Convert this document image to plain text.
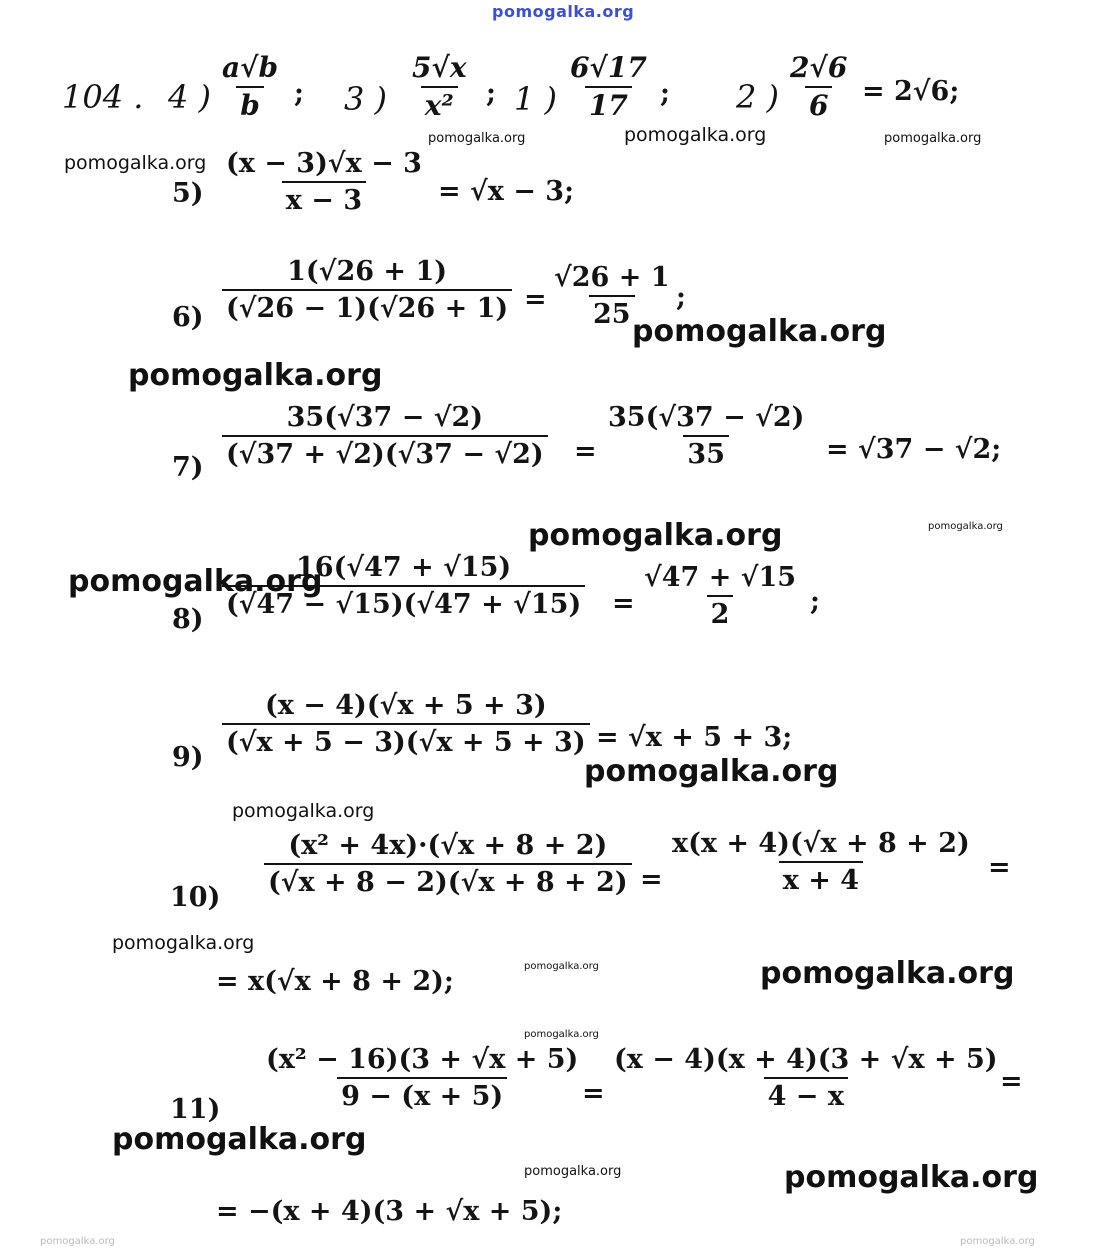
pomogalka.org
104 . 4 ) $\frac{a√b}{b}$ ; 3 ) $\frac{5√x}{\text{x²}}$ ; 1 ) $\frac{6√17}{17}$ ; 2 ) $\frac{2√6}{6} = 2√6$;
$5) \frac{(x - 3)√x - 3}{x - 3} = √x - 3$;
$6) \frac{1(√26 + 1)}{(√26 - 1)(√26 + 1)} = \frac{√26 + 1}{25}$ ;
$7) \frac{35(√37 - √2)}{(√37 + √2)(√37 - √2)} = \frac{35(√37 - √2)}{35} = √37 - √2$;
$8) \frac{16(√47 + √15)}{(√47 - √15)(√47 + √15)} = \frac{√47 + √15}{2}$ ;
$9) \frac{(x - 4)(√x + 5 + 3)}{(√x + 5 - 3)(√x + 5 + 3)} = √x + 5 + 3$;
$10) \frac{\text{(x² + 4x)·(√x + 8 + 2)}}{(√x + 8 - 2)(√x + 8 + 2)} = \frac{x(x + 4)(√x + 8 + 2)}{x + 4}$ =
= x(√x + 8 + 2);
$11) \frac{\text{(x² − 16)(3 + √x + 5)}}{9 - (x + 5)} = \frac{(x - 4)(x + 4)(3 + √x + 5)}{4 - x}$
=
= −(x + 4)(3 + √x + 5);
pomogalka.org	pomogalka.org	pomogalka.org
pomogalka.org
pomogalka.org
pomogalka.org
pomogalka.org	pomogalka.org
pomogalka.org
pomogalka.org
pomogalka.org
pomogalka.org
pomogalka.org	pomogalka.org
pomogalka.org
pomogalka.org
pomogalka.org	pomogalka.org
pomogalka.org
pomogalka.org
